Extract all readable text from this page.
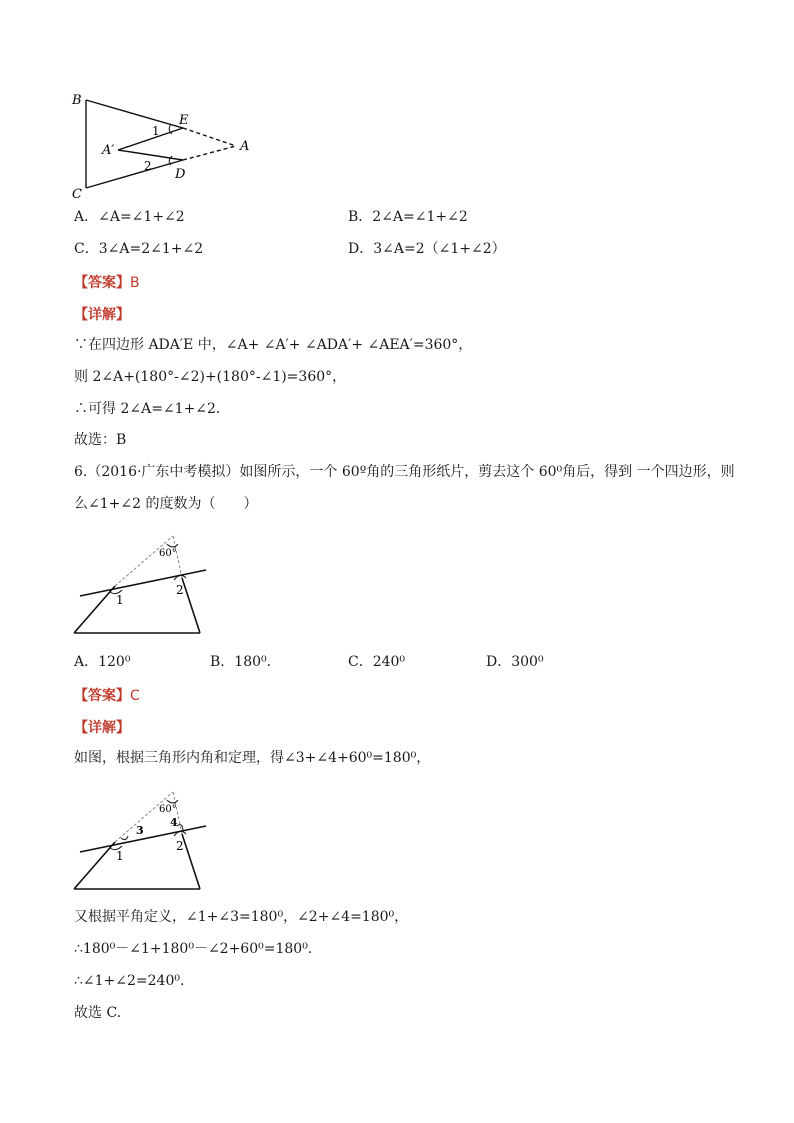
B
C
E
D
A
A′
1
2
A．∠A=∠1+∠2	B．2∠A=∠1+∠2
C．3∠A=2∠1+∠2	D．3∠A=2（∠1+∠2）
【答案】B
【详解】
∵在四边形 ADA′E 中，∠A+ ∠A′+ ∠ADA′+ ∠AEA′=360°，
则 2∠A+(180°-∠2)+(180°-∠1)=360°，
∴可得 2∠A=∠1+∠2．
故选：B
6.（2016·广东中考模拟）如图所示，一个 60º角的三角形纸片，剪去这个 60⁰角后，得到 一个四边形，则
么∠1+∠2 的度数为（　　）
60°
1
2
A．120⁰	B．180⁰.	C．240⁰	D．300⁰
【答案】C
【详解】
如图，根据三角形内角和定理，得∠3+∠4+60⁰=180⁰，
60°
1
2
3
4
又根据平角定义，∠1+∠3=180⁰，∠2+∠4=180⁰，
∴180⁰－∠1+180⁰－∠2+60⁰=180⁰.
∴∠1+∠2=240⁰.
故选 C.
